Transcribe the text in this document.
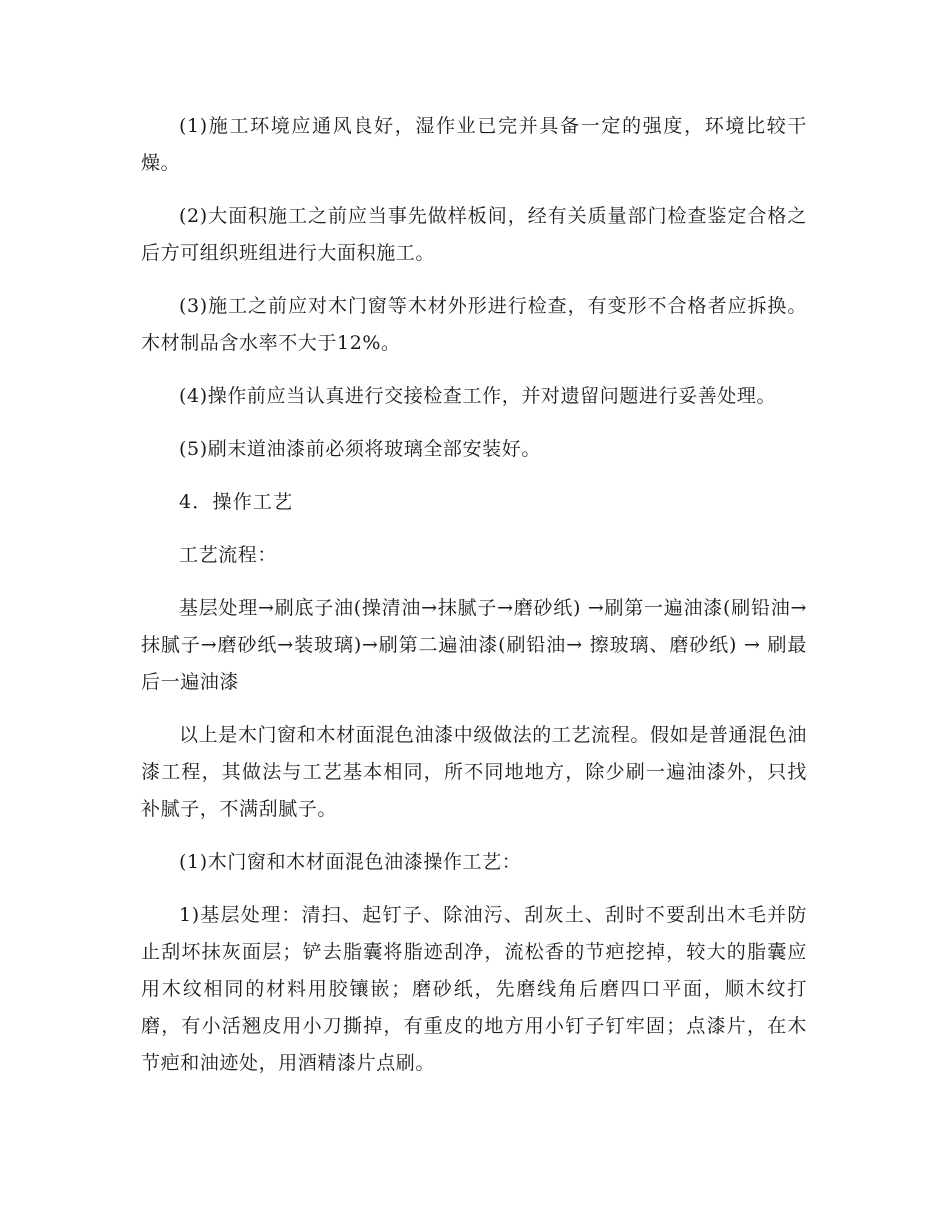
(1)施工环境应通风良好，湿作业已完并具备一定的强度，环境比较干燥。

(2)大面积施工之前应当事先做样板间，经有关质量部门检查鉴定合格之后方可组织班组进行大面积施工。

(3)施工之前应对木门窗等木材外形进行检查，有变形不合格者应拆换。木材制品含水率不大于12%。

(4)操作前应当认真进行交接检查工作，并对遗留问题进行妥善处理。

(5)刷末道油漆前必须将玻璃全部安装好。

4．操作工艺

工艺流程：

基层处理→刷底子油(操清油→抹腻子→磨砂纸) →刷第一遍油漆(刷铅油→抹腻子→磨砂纸→装玻璃)→刷第二遍油漆(刷铅油→ 擦玻璃、磨砂纸) → 刷最后一遍油漆

以上是木门窗和木材面混色油漆中级做法的工艺流程。假如是普通混色油漆工程，其做法与工艺基本相同，所不同地地方，除少刷一遍油漆外，只找补腻子，不满刮腻子。

(1)木门窗和木材面混色油漆操作工艺：

1)基层处理：清扫、起钉子、除油污、刮灰土、刮时不要刮出木毛并防止刮坏抹灰面层；铲去脂囊将脂迹刮净，流松香的节疤挖掉，较大的脂囊应用木纹相同的材料用胶镶嵌；磨砂纸，先磨线角后磨四口平面，顺木纹打磨，有小活翘皮用小刀撕掉，有重皮的地方用小钉子钉牢固；点漆片，在木节疤和油迹处，用酒精漆片点刷。
